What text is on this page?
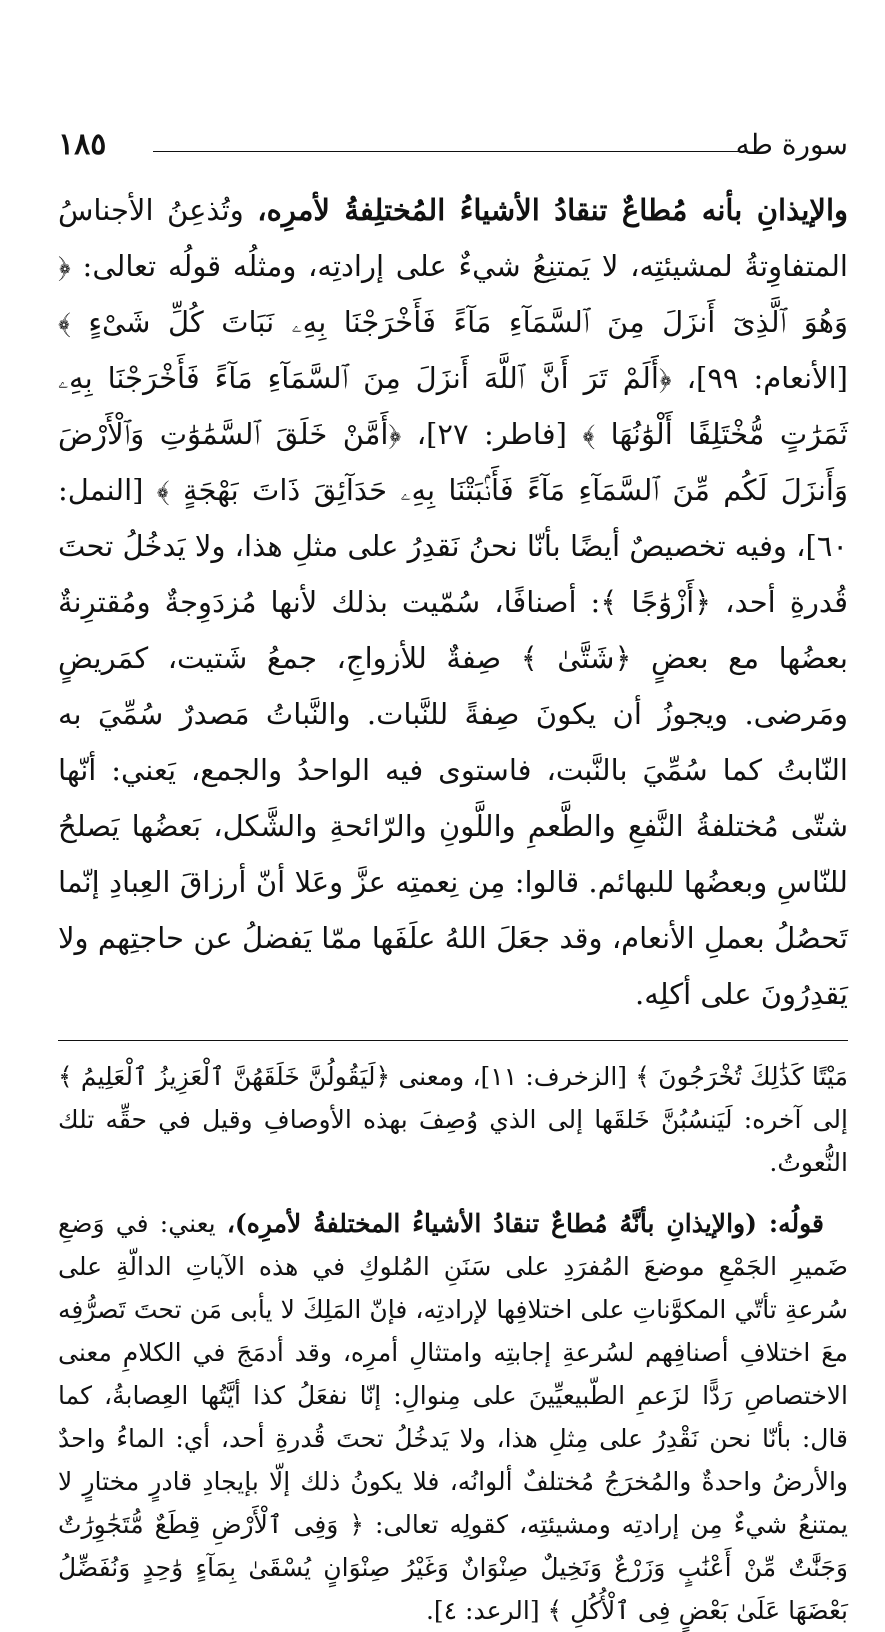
سورة طه
١٨٥

والإيذانِ بأنه مُطاعٌ تنقادُ الأشياءُ المُختلِفةُ لأمرِه، وتُذعِنُ الأجناسُ المتفاوِتةُ لمشيئتِه، لا يَمتنِعُ شيءٌ على إرادتِه، ومثلُه قولُه تعالى: ﴿ وَهُوَ ٱلَّذِىٓ أَنزَلَ مِنَ ٱلسَّمَآءِ مَآءً فَأَخْرَجْنَا بِهِۦ نَبَاتَ كُلِّ شَىْءٍ ﴾ [الأنعام: ٩٩]، ﴿أَلَمْ تَرَ أَنَّ ٱللَّهَ أَنزَلَ مِنَ ٱلسَّمَآءِ مَآءً فَأَخْرَجْنَا بِهِۦ ثَمَرَٰتٍ مُّخْتَلِفًا أَلْوَٰنُهَا ﴾ [فاطر: ٢٧]، ﴿أَمَّنْ خَلَقَ ٱلسَّمَٰوَٰتِ وَٱلْأَرْضَ وَأَنزَلَ لَكُم مِّنَ ٱلسَّمَآءِ مَآءً فَأَنۢبَتْنَا بِهِۦ حَدَآئِقَ ذَاتَ بَهْجَةٍ ﴾ [النمل: ٦٠]، وفيه تخصيصٌ أيضًا بأنّا نحنُ نَقدِرُ على مثلِ هذا، ولا يَدخُلُ تحتَ قُدرةِ أحد، ﴿أَزْوَٰجًا ﴾: أصنافًا، سُمّيت بذلك لأنها مُزدَوِجةٌ ومُقترِنةٌ بعضُها مع بعضٍ ﴿شَتَّىٰ ﴾ صِفةٌ للأزواجِ، جمعُ شَتيت، كمَريضٍ ومَرضى. ويجوزُ أن يكونَ صِفةً للنَّبات. والنَّباتُ مَصدرٌ سُمِّيَ به النّابتُ كما سُمِّيَ بالنَّبت، فاستوى فيه الواحدُ والجمع، يَعني: أنّها شتّى مُختلفةُ النَّفعِ والطَّعمِ واللَّونِ والرّائحةِ والشَّكل، بَعضُها يَصلحُ للنّاسِ وبعضُها للبهائم. قالوا: مِن نِعمتِه عزَّ وعَلا أنّ أرزاقَ العِبادِ إنّما تَحصُلُ بعملِ الأنعام، وقد جعَلَ اللهُ علَفَها ممّا يَفضلُ عن حاجتِهم ولا يَقدِرُونَ على أكلِه.

مَيْتًا كَذَٰلِكَ تُخْرَجُونَ ﴾ [الزخرف: ١١]، ومعنى ﴿لَيَقُولُنَّ خَلَقَهُنَّ ٱلْعَزِيزُ ٱلْعَلِيمُ ﴾ إلى آخره: لَيَنسُبُنَّ خَلقَها إلى الذي وُصِفَ بهذه الأوصافِ وقيل في حقِّه تلك النُّعوتُ.

قولُه: (والإيذانِ بأنَّهُ مُطاعٌ تنقادُ الأشياءُ المختلفةُ لأمرِه)، يعني: في وَضعِ ضَميرِ الجَمْعِ موضعَ المُفرَدِ على سَنَنِ المُلوكِ في هذه الآياتِ الدالّةِ على سُرعةِ تأتّي المكوَّناتِ على اختلافِها لإرادتِه، فإنّ المَلِكَ لا يأبى مَن تحتَ تَصرُّفِه معَ اختلافِ أصنافِهم لسُرعةِ إجابتِه وامتثالِ أمرِه، وقد أدمَجَ في الكلامِ معنى الاختصاصِ رَدًّا لزَعمِ الطّبيعيِّينَ على مِنوالِ: إنّا نفعَلُ كذا أيَّتُها العِصابةُ، كما قال: بأنّا نحن نَقْدِرُ على مِثلِ هذا، ولا يَدخُلُ تحتَ قُدرةِ أحد، أي: الماءُ واحدٌ والأرضُ واحدةٌ والمُخرَجُ مُختلفٌ ألوانُه، فلا يكونُ ذلك إلّا بإيجادِ قادرٍ مختارٍ لا يمتنعُ شيءٌ مِن إرادتِه ومشيئتِه، كقولِه تعالى: ﴿ وَفِى ٱلْأَرْضِ قِطَعٌ مُّتَجَٰوِرَٰتٌ وَجَنَّٰتٌ مِّنْ أَعْنَٰبٍ وَزَرْعٌ وَنَخِيلٌ صِنْوَانٌ وَغَيْرُ صِنْوَانٍ يُسْقَىٰ بِمَآءٍ وَٰحِدٍ وَنُفَضِّلُ بَعْضَهَا عَلَىٰ بَعْضٍ فِى ٱلْأُكُلِ ﴾ [الرعد: ٤].
